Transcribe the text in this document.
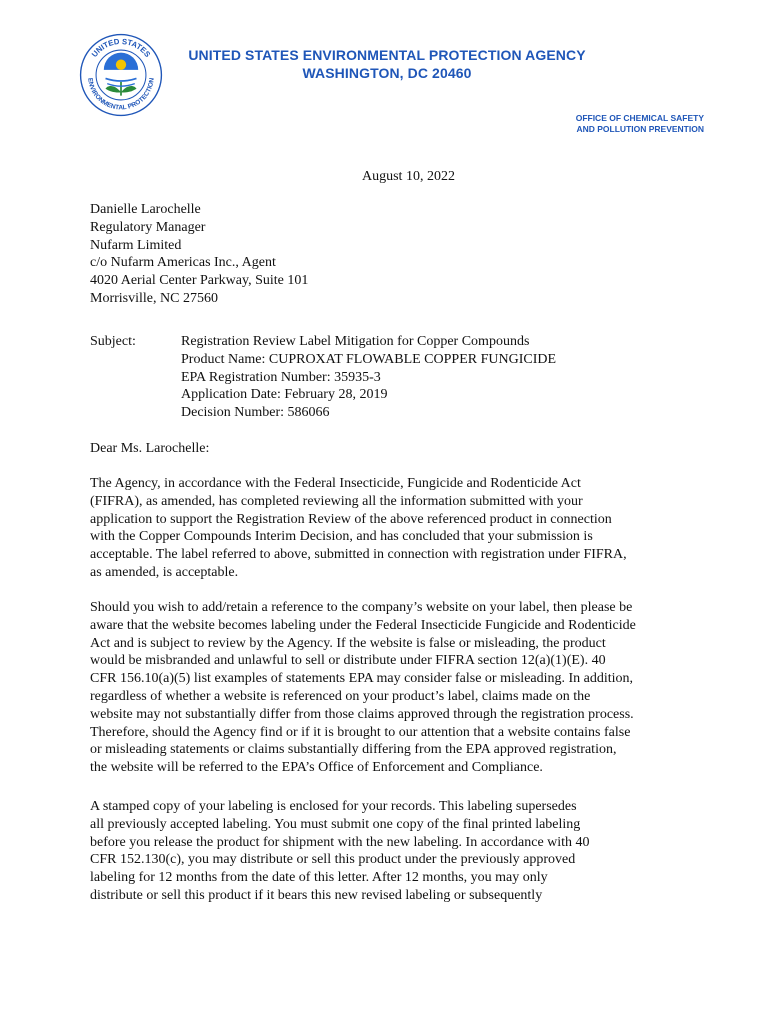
UNITED STATES
ENVIRONMENTAL PROTECTION
UNITED STATES ENVIRONMENTAL PROTECTION AGENCY
WASHINGTON, DC 20460
OFFICE OF CHEMICAL SAFETY
AND POLLUTION PREVENTION
August 10, 2022
Danielle Larochelle
Regulatory Manager
Nufarm Limited
c/o Nufarm Americas Inc., Agent
4020 Aerial Center Parkway, Suite 101
Morrisville, NC 27560
Subject:	Registration Review Label Mitigation for Copper Compounds
Product Name: CUPROXAT FLOWABLE COPPER FUNGICIDE
EPA Registration Number: 35935-3
Application Date: February 28, 2019
Decision Number: 586066
Dear Ms. Larochelle:
The Agency, in accordance with the Federal Insecticide, Fungicide and Rodenticide Act
(FIFRA), as amended, has completed reviewing all the information submitted with your
application to support the Registration Review of the above referenced product in connection
with the Copper Compounds Interim Decision, and has concluded that your submission is
acceptable. The label referred to above, submitted in connection with registration under FIFRA,
as amended, is acceptable.
Should you wish to add/retain a reference to the company’s website on your label, then please be
aware that the website becomes labeling under the Federal Insecticide Fungicide and Rodenticide
Act and is subject to review by the Agency. If the website is false or misleading, the product
would be misbranded and unlawful to sell or distribute under FIFRA section 12(a)(1)(E). 40
CFR 156.10(a)(5) list examples of statements EPA may consider false or misleading. In addition,
regardless of whether a website is referenced on your product’s label, claims made on the
website may not substantially differ from those claims approved through the registration process.
Therefore, should the Agency find or if it is brought to our attention that a website contains false
or misleading statements or claims substantially differing from the EPA approved registration,
the website will be referred to the EPA’s Office of Enforcement and Compliance.
A stamped copy of your labeling is enclosed for your records. This labeling supersedes
all previously accepted labeling. You must submit one copy of the final printed labeling
before you release the product for shipment with the new labeling. In accordance with 40
CFR 152.130(c), you may distribute or sell this product under the previously approved
labeling for 12 months from the date of this letter. After 12 months, you may only
distribute or sell this product if it bears this new revised labeling or subsequently
